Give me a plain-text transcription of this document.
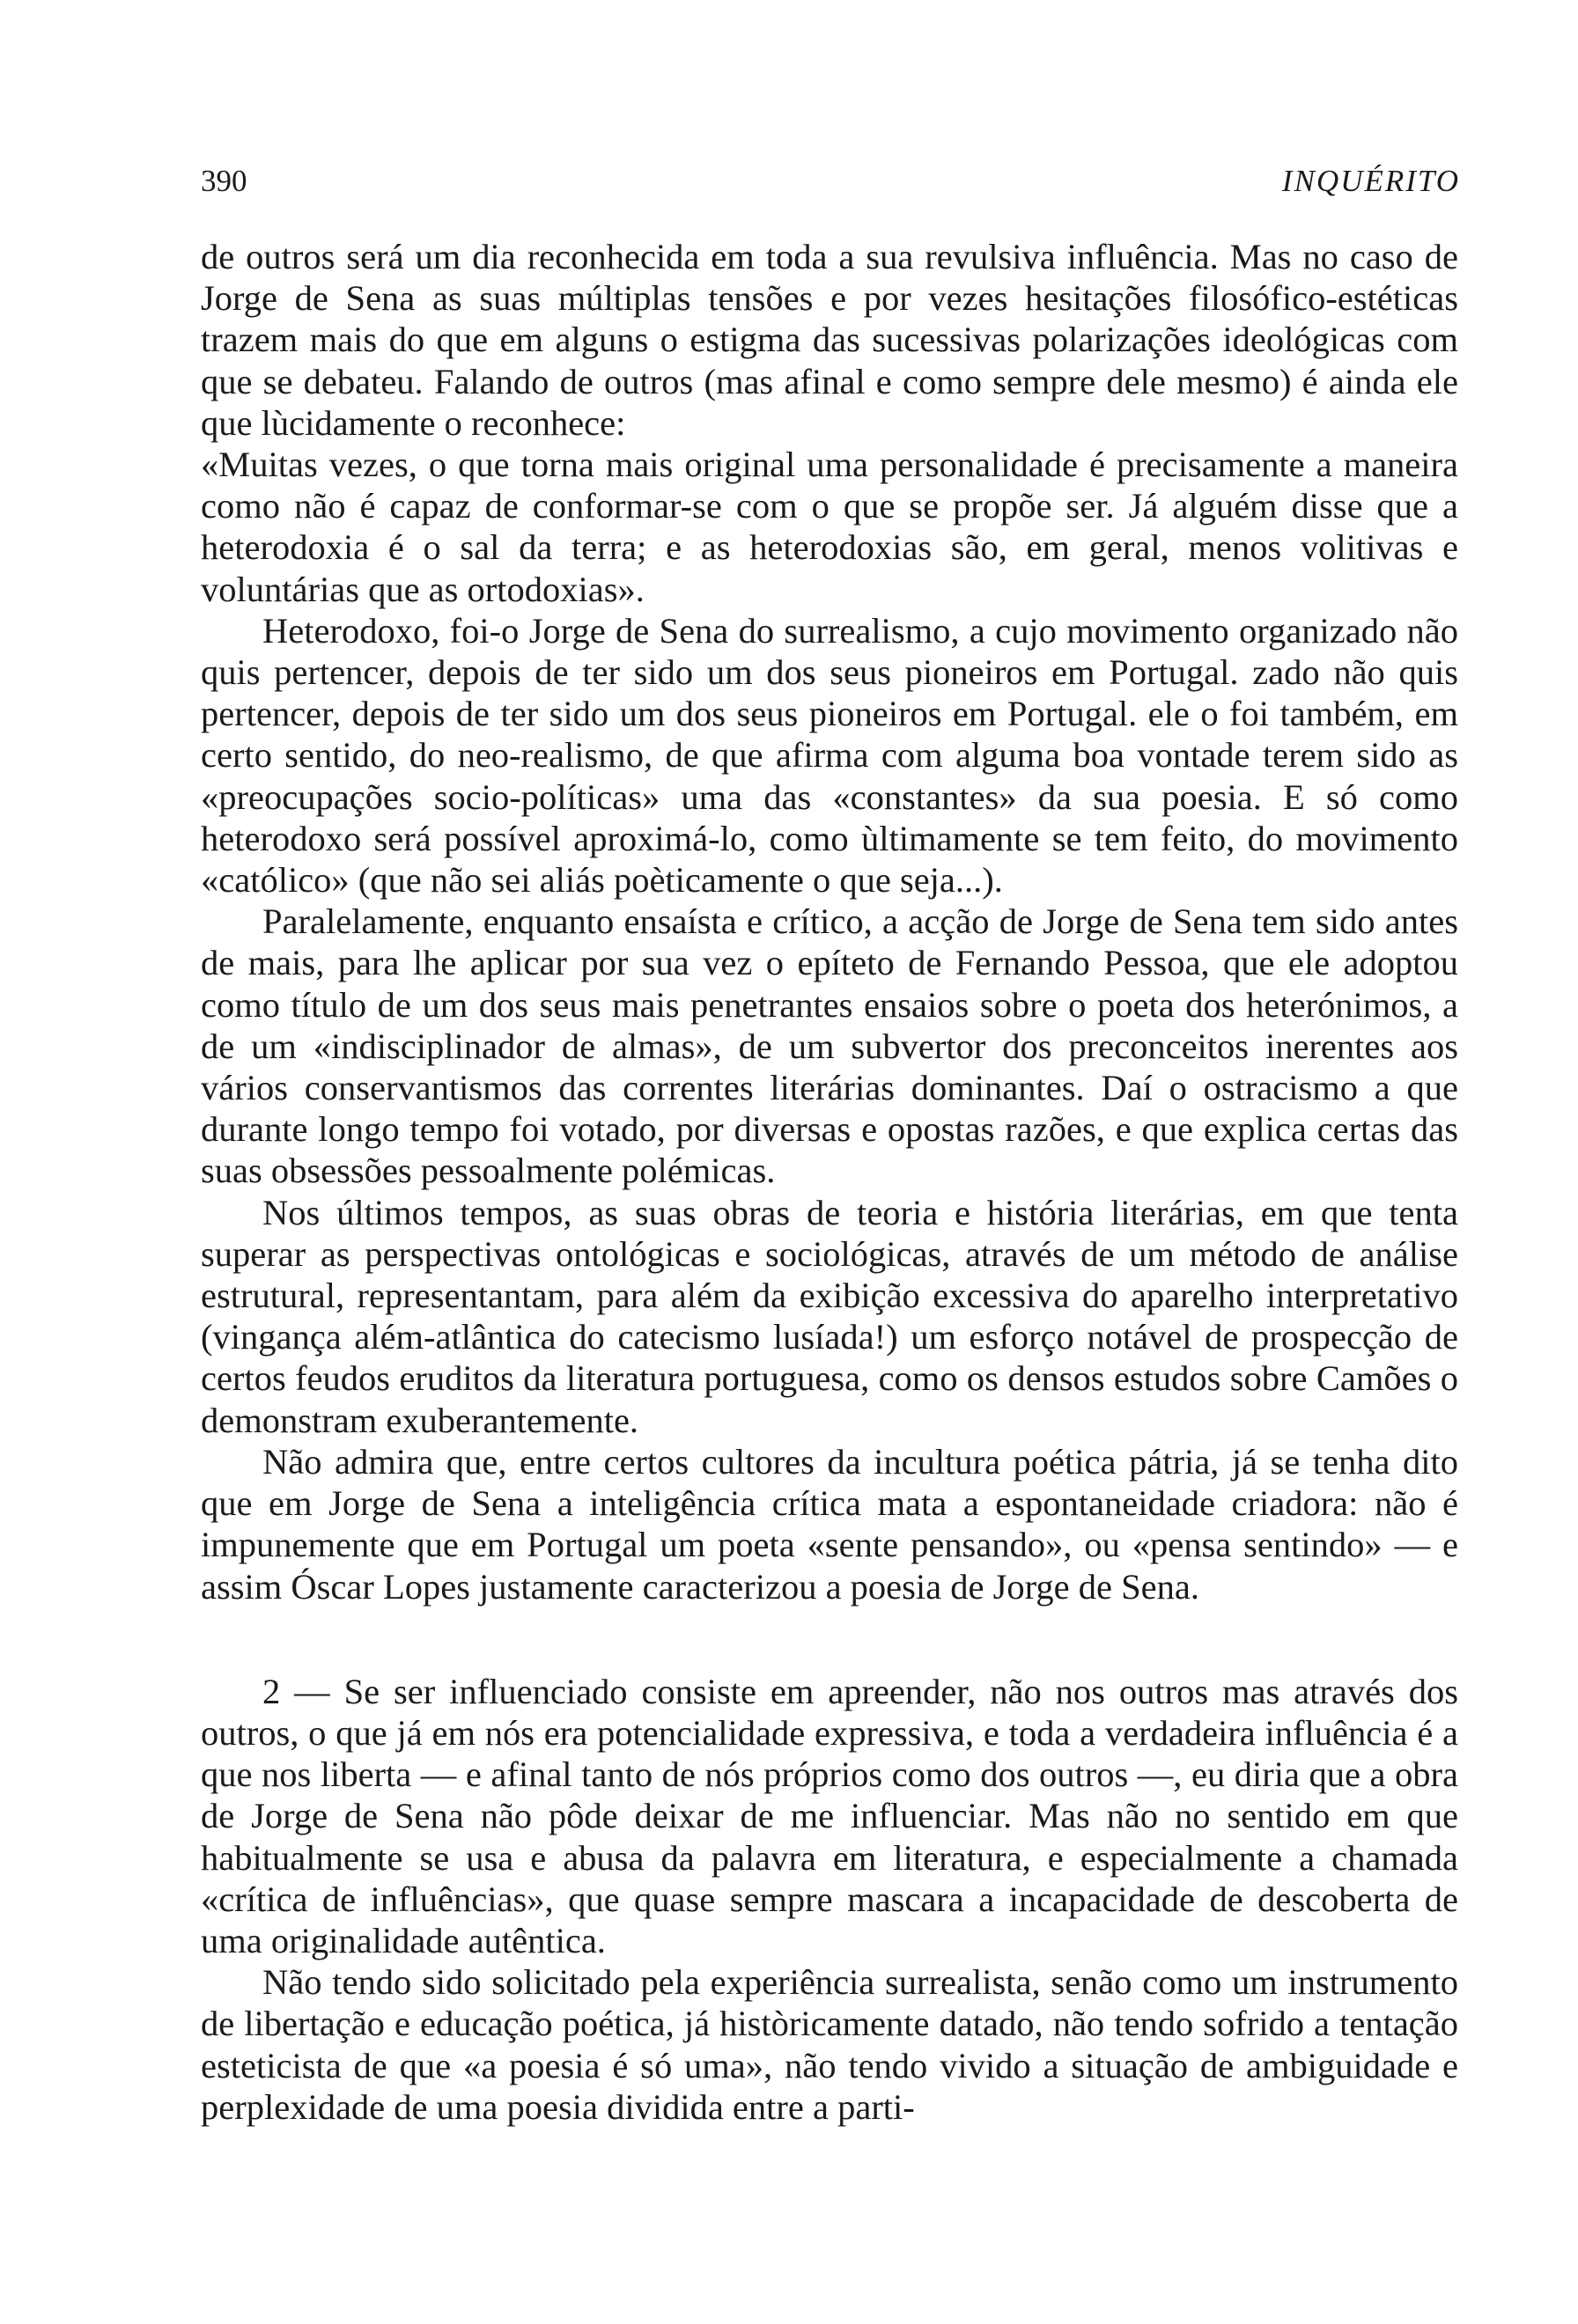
390	INQUÉRITO

de outros será um dia reconhecida em toda a sua revulsiva influência. Mas no caso de Jorge de Sena as suas múltiplas tensões e por vezes hesitações filosófico-estéticas trazem mais do que em alguns o estigma das sucessivas polarizações ideológicas com que se debateu. Falando de outros (mas afinal e como sempre dele mesmo) é ainda ele que lùcidamente o reconhece:

«Muitas vezes, o que torna mais original uma personalidade é precisamente a maneira como não é capaz de conformar-se com o que se propõe ser. Já alguém disse que a heterodoxia é o sal da terra; e as heterodoxias são, em geral, menos volitivas e voluntárias que as ortodoxias».

Heterodoxo, foi-o Jorge de Sena do surrealismo, a cujo movimento organizado não quis pertencer, depois de ter sido um dos seus pioneiros em Portugal. zado não quis pertencer, depois de ter sido um dos seus pioneiros em Portugal. ele o foi também, em certo sentido, do neo-realismo, de que afirma com alguma boa vontade terem sido as «preocupações socio-políticas» uma das «constantes» da sua poesia. E só como heterodoxo será possível aproximá-lo, como ùltimamente se tem feito, do movimento «católico» (que não sei aliás poèticamente o que seja...).

Paralelamente, enquanto ensaísta e crítico, a acção de Jorge de Sena tem sido antes de mais, para lhe aplicar por sua vez o epíteto de Fernando Pessoa, que ele adoptou como título de um dos seus mais penetrantes ensaios sobre o poeta dos heterónimos, a de um «indisciplinador de almas», de um subvertor dos preconceitos inerentes aos vários conservantismos das correntes literárias dominantes. Daí o ostracismo a que durante longo tempo foi votado, por diversas e opostas razões, e que explica certas das suas obsessões pessoalmente polémicas.

Nos últimos tempos, as suas obras de teoria e história literárias, em que tenta superar as perspectivas ontológicas e sociológicas, através de um método de análise estrutural, representantam, para além da exibição excessiva do aparelho interpretativo (vingança além-atlântica do catecismo lusíada!) um esforço notável de prospecção de certos feudos eruditos da literatura portuguesa, como os densos estudos sobre Camões o demonstram exuberantemente.

Não admira que, entre certos cultores da incultura poética pátria, já se tenha dito que em Jorge de Sena a inteligência crítica mata a espontaneidade criadora: não é impunemente que em Portugal um poeta «sente pensando», ou «pensa sentindo» — e assim Óscar Lopes justamente caracterizou a poesia de Jorge de Sena.

2 — Se ser influenciado consiste em apreender, não nos outros mas através dos outros, o que já em nós era potencialidade expressiva, e toda a verdadeira influência é a que nos liberta — e afinal tanto de nós próprios como dos outros —, eu diria que a obra de Jorge de Sena não pôde deixar de me influenciar. Mas não no sentido em que habitualmente se usa e abusa da palavra em literatura, e especialmente a chamada «crítica de influências», que quase sempre mascara a incapacidade de descoberta de uma originalidade autêntica.

Não tendo sido solicitado pela experiência surrealista, senão como um instrumento de libertação e educação poética, já històricamente datado, não tendo sofrido a tentação esteticista de que «a poesia é só uma», não tendo vivido a situação de ambiguidade e perplexidade de uma poesia dividida entre a parti-
